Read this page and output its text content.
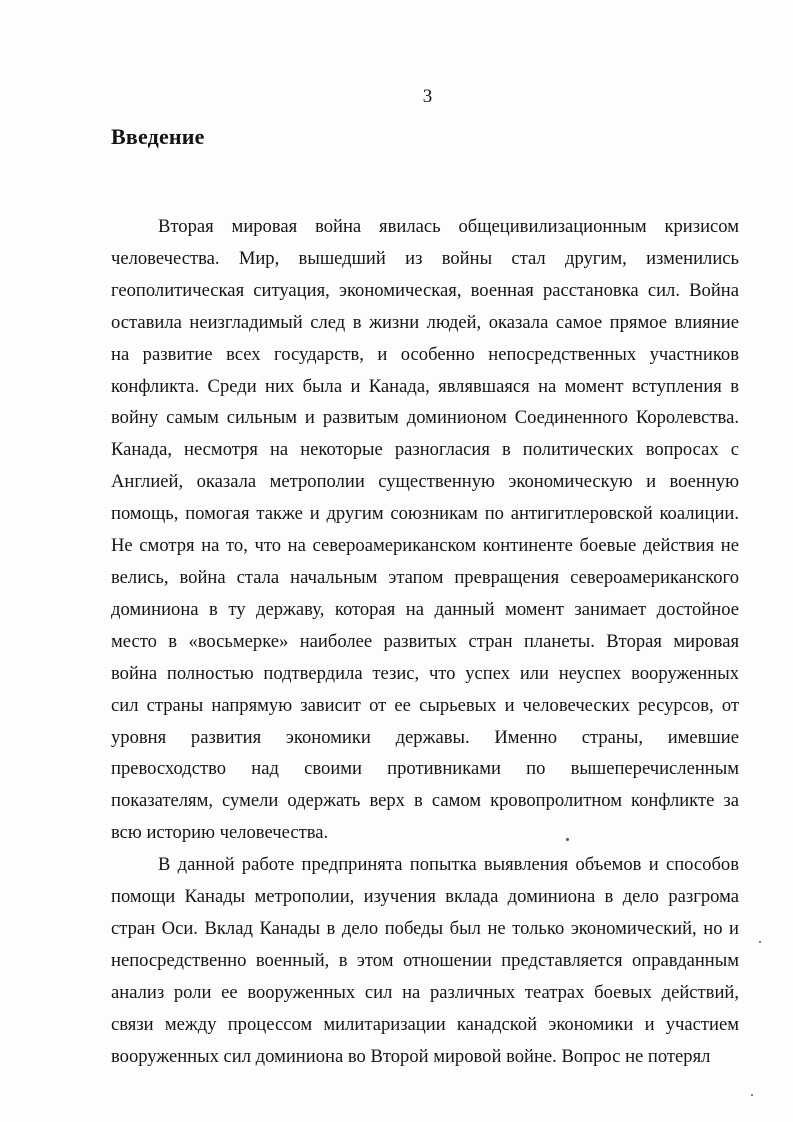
3
Введение
Вторая мировая война явилась общецивилизационным кризисом
человечества. Мир, вышедший из войны стал другим, изменились
геополитическая ситуация, экономическая, военная расстановка сил. Война
оставила неизгладимый след в жизни людей, оказала самое прямое влияние
на развитие всех государств, и особенно непосредственных участников
конфликта. Среди них была и Канада, являвшаяся на момент вступления в
войну самым сильным и развитым доминионом Соединенного Королевства.
Канада, несмотря на некоторые разногласия в политических вопросах с
Англией, оказала метрополии существенную экономическую и военную
помощь, помогая также и другим союзникам по антигитлеровской коалиции.
Не смотря на то, что на североамериканском континенте боевые действия не
велись, война стала начальным этапом превращения североамериканского
доминиона в ту державу, которая на данный момент занимает достойное
место в «восьмерке» наиболее развитых стран планеты. Вторая мировая
война полностью подтвердила тезис, что успех или неуспех вооруженных
сил страны напрямую зависит от ее сырьевых и человеческих ресурсов, от
уровня развития экономики державы. Именно страны, имевшие
превосходство над своими противниками по вышеперечисленным
показателям, сумели одержать верх в самом кровопролитном конфликте за
всю историю человечества.
В данной работе предпринята попытка выявления объемов и способов
помощи Канады метрополии, изучения вклада доминиона в дело разгрома
стран Оси. Вклад Канады в дело победы был не только экономический, но и
непосредственно военный, в этом отношении представляется оправданным
анализ роли ее вооруженных сил на различных театрах боевых действий,
связи между процессом милитаризации канадской экономики и участием
вооруженных сил доминиона во Второй мировой войне. Вопрос не потерял
